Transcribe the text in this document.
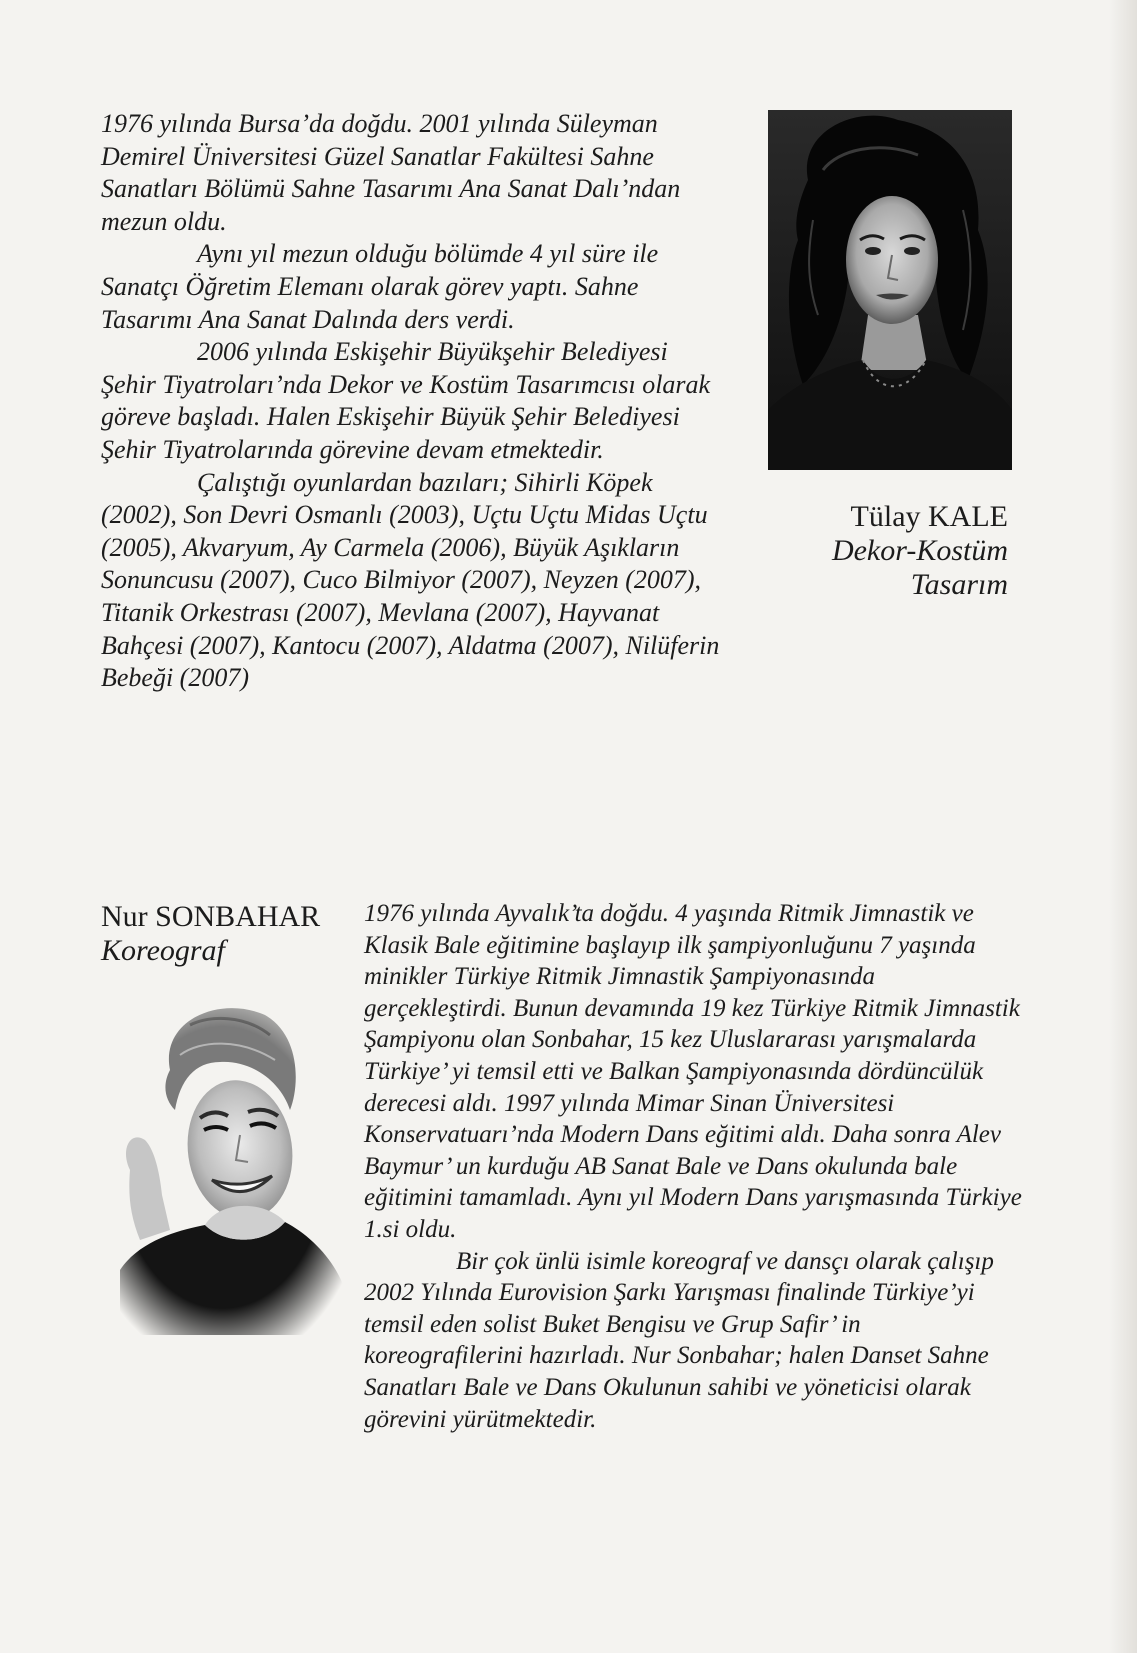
1976 yılında Bursa’da doğdu. 2001 yılında Süleyman Demirel Üniversitesi Güzel Sanatlar Fakültesi Sahne Sanatları Bölümü Sahne Tasarımı Ana Sanat Dalı’ndan mezun oldu.

Aynı yıl mezun olduğu bölümde 4 yıl süre ile Sanatçı Öğretim Elemanı olarak görev yaptı. Sahne Tasarımı Ana Sanat Dalında ders verdi.

2006 yılında Eskişehir Büyükşehir Belediyesi Şehir Tiyatroları’nda Dekor ve Kostüm Tasarımcısı olarak göreve başladı. Halen Eskişehir Büyük Şehir Belediyesi Şehir Tiyatrolarında görevine devam etmektedir.

Çalıştığı oyunlardan bazıları; Sihirli Köpek (2002), Son Devri Osmanlı (2003), Uçtu Uçtu Midas Uçtu (2005), Akvaryum, Ay Carmela (2006), Büyük Aşıkların Sonuncusu (2007), Cuco Bilmiyor (2007), Neyzen (2007), Titanik Orkestrası (2007), Mevlana (2007), Hayvanat Bahçesi (2007), Kantocu (2007), Aldatma (2007), Nilüferin Bebeği (2007)

Tülay KALE
Dekor-Kostüm
Tasarım
Nur SONBAHAR
Koreograf

1976 yılında Ayvalık’ta doğdu. 4 yaşında Ritmik Jimnastik ve Klasik Bale eğitimine başlayıp ilk şampiyonluğunu 7 yaşında minikler Türkiye Ritmik Jimnastik Şampiyonasında gerçekleştirdi. Bunun devamında 19 kez Türkiye Ritmik Jimnastik Şampiyonu olan Sonbahar, 15 kez Uluslararası yarışmalarda Türkiye’ yi temsil etti ve Balkan Şampiyonasında dördüncülük derecesi aldı. 1997 yılında Mimar Sinan Üniversitesi Konservatuarı’nda Modern Dans eğitimi aldı. Daha sonra Alev Baymur’ un kurduğu AB Sanat Bale ve Dans okulunda bale eğitimini tamamladı. Aynı yıl Modern Dans yarışmasında Türkiye 1.si oldu.

Bir çok ünlü isimle koreograf ve dansçı olarak çalışıp 2002 Yılında Eurovision Şarkı Yarışması finalinde Türkiye’yi temsil eden solist Buket Bengisu ve Grup Safir’ in koreografilerini hazırladı. Nur Sonbahar; halen Danset Sahne Sanatları Bale ve Dans Okulunun sahibi ve yöneticisi olarak görevini yürütmektedir.
